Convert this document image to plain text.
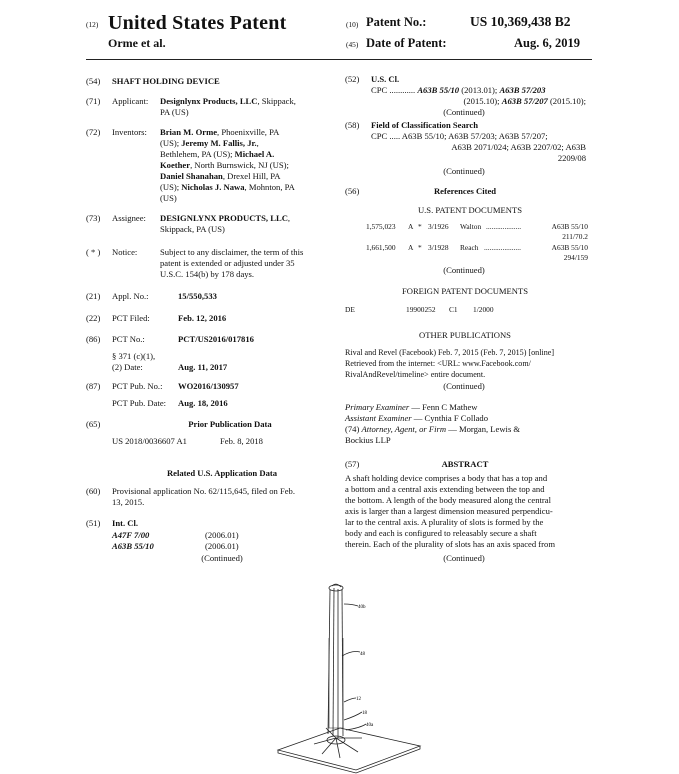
(12) United States Patent
Orme et al.
(10) Patent No.:	US 10,369,438 B2
(45) Date of Patent:	Aug. 6, 2019
(54) SHAFT HOLDING DEVICE
(71) Applicant: Designlynx Products, LLC, Skippack,
PA (US)
(72) Inventors: Brian M. Orme, Phoenixville, PA
(US); Jeremy M. Fallis, Jr.,
Bethlehem, PA (US); Michael A.
Koether, North Burnswick, NJ (US);
Daniel Shanahan, Drexel Hill, PA
(US); Nicholas J. Nawa, Mohnton, PA
(US)
(73) Assignee: DESIGNLYNX PRODUCTS, LLC,
Skippack, PA (US)
( * ) Notice:	Subject to any disclaimer, the term of this
patent is extended or adjusted under 35
U.S.C. 154(b) by 178 days.
(21) Appl. No.:	15/550,533
(22) PCT Filed:	Feb. 12, 2016
(86) PCT No.:	PCT/US2016/017816
§ 371 (c)(1),
(2) Date:	Aug. 11, 2017
(87) PCT Pub. No.: WO2016/130957
PCT Pub. Date: Aug. 18, 2016
(65)	Prior Publication Data
US 2018/0036607 A1	Feb. 8, 2018
Related U.S. Application Data
(60) Provisional application No. 62/115,645, filed on Feb.
13, 2015.
(51) Int. Cl.
A47F 7/00	(2006.01)
A63B 55/10	(2006.01)
(Continued)
(52) U.S. Cl.
CPC ............ A63B 55/10 (2013.01); A63B 57/203
(2015.10); A63B 57/207 (2015.10);
(Continued)
(58) Field of Classification Search
CPC ..... A63B 55/10; A63B 57/203; A63B 57/207;
A63B 2071/024; A63B 2207/02; A63B
2209/08
(Continued)
(56)	References Cited
U.S. PATENT DOCUMENTS
1,575,023 A * 3/1926 Walton ...................	A63B 55/10
211/70.2
1,661,500 A * 3/1928 Reach ....................	A63B 55/10
294/159
(Continued)
FOREIGN PATENT DOCUMENTS
DE	19900252 C1 1/2000
OTHER PUBLICATIONS
Rival and Revel (Facebook) Feb. 7, 2015 (Feb. 7, 2015) [online]
Retrieved from the internet: <URL: www.Facebook.com/
RivalAndRevel/timeline> entire document.
(Continued)
Primary Examiner — Fenn C Mathew
Assistant Examiner — Cynthia F Collado
(74) Attorney, Agent, or Firm — Morgan, Lewis &
Bockius LLP
(57)	ABSTRACT
A shaft holding device comprises a body that has a top and
a bottom and a central axis extending between the top and
the bottom. A length of the body measured along the central
axis is larger than a largest dimension measured perpendicu-
lar to the central axis. A plurality of slots is formed by the
body and each is configured to releasably secure a shaft
therein. Each of the plurality of slots has an axis spaced from
(Continued)
40b
48
12
18
40a
